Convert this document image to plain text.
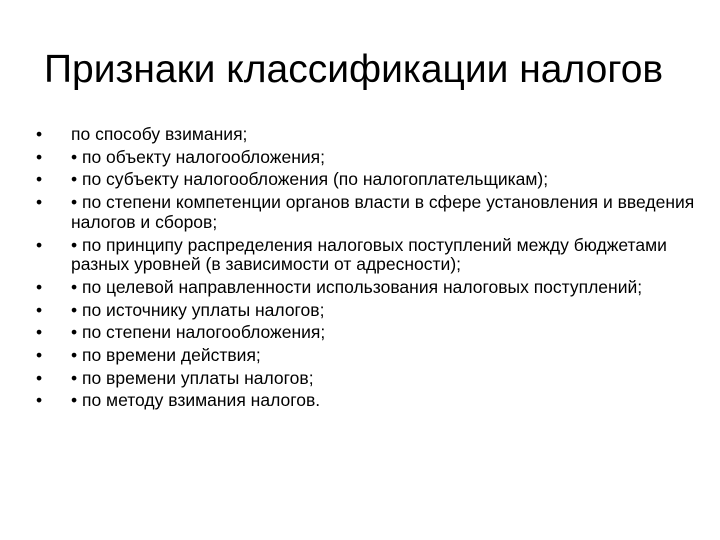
Признаки классификации налогов
•	по способу взимания;
•	• по объекту налогообложения;
•	• по субъекту налогообложения (по налогоплательщикам);
•	• по степени компетенции органов власти в сфере установления и введения налогов и сборов;
•	• по принципу распределения налоговых поступлений между бюджетами разных уровней (в зависимости от адресности);
•	• по целевой направленности использования налоговых поступлений;
•	• по источнику уплаты налогов;
•	• по степени налогообложения;
•	• по времени действия;
•	• по времени уплаты налогов;
•	• по методу взимания налогов.
